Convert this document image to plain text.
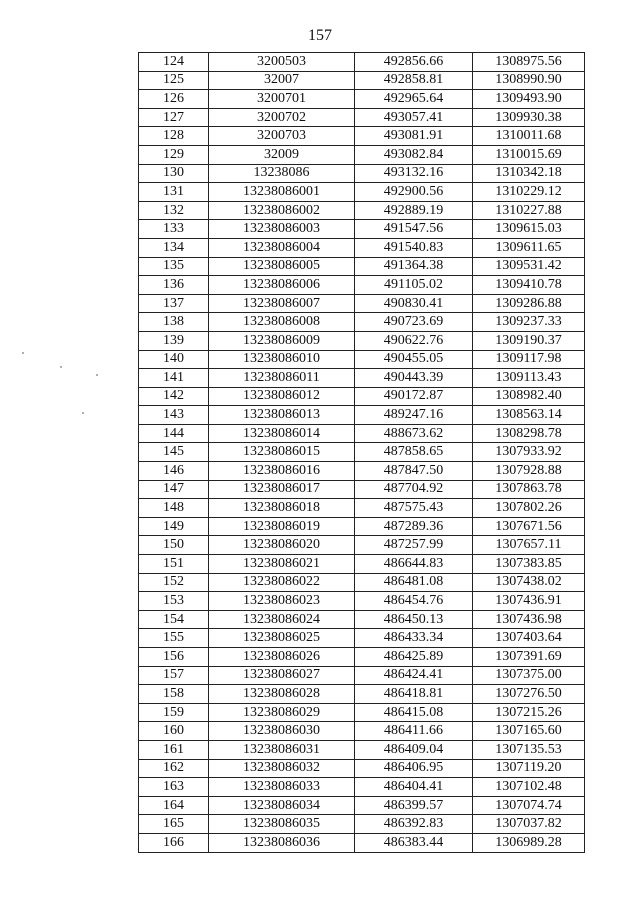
157
124	3200503	492856.66	1308975.56
125	32007	492858.81	1308990.90
126	3200701	492965.64	1309493.90
127	3200702	493057.41	1309930.38
128	3200703	493081.91	1310011.68
129	32009	493082.84	1310015.69
130	13238086	493132.16	1310342.18
131	13238086001	492900.56	1310229.12
132	13238086002	492889.19	1310227.88
133	13238086003	491547.56	1309615.03
134	13238086004	491540.83	1309611.65
135	13238086005	491364.38	1309531.42
136	13238086006	491105.02	1309410.78
137	13238086007	490830.41	1309286.88
138	13238086008	490723.69	1309237.33
139	13238086009	490622.76	1309190.37
140	13238086010	490455.05	1309117.98
141	13238086011	490443.39	1309113.43
142	13238086012	490172.87	1308982.40
143	13238086013	489247.16	1308563.14
144	13238086014	488673.62	1308298.78
145	13238086015	487858.65	1307933.92
146	13238086016	487847.50	1307928.88
147	13238086017	487704.92	1307863.78
148	13238086018	487575.43	1307802.26
149	13238086019	487289.36	1307671.56
150	13238086020	487257.99	1307657.11
151	13238086021	486644.83	1307383.85
152	13238086022	486481.08	1307438.02
153	13238086023	486454.76	1307436.91
154	13238086024	486450.13	1307436.98
155	13238086025	486433.34	1307403.64
156	13238086026	486425.89	1307391.69
157	13238086027	486424.41	1307375.00
158	13238086028	486418.81	1307276.50
159	13238086029	486415.08	1307215.26
160	13238086030	486411.66	1307165.60
161	13238086031	486409.04	1307135.53
162	13238086032	486406.95	1307119.20
163	13238086033	486404.41	1307102.48
164	13238086034	486399.57	1307074.74
165	13238086035	486392.83	1307037.82
166	13238086036	486383.44	1306989.28
